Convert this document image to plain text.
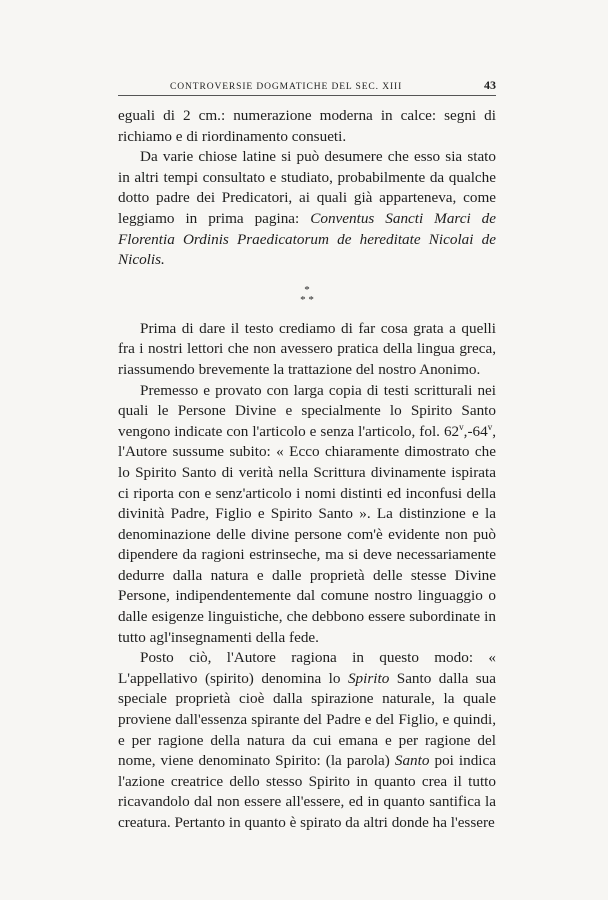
CONTROVERSIE DOGMATICHE DEL SEC. XIII	43

eguali di 2 cm.: numerazione moderna in calce: segni di richiamo e di riordinamento consueti.

Da varie chiose latine si può desumere che esso sia stato in altri tempi consultato e studiato, probabilmente da qualche dotto padre dei Predicatori, ai quali già apparteneva, come leggiamo in prima pagina: Conventus Sancti Marci de Florentia Ordinis Praedicatorum de hereditate Nicolai de Nicolis.

*
* *

Prima di dare il testo crediamo di far cosa grata a quelli fra i nostri lettori che non avessero pratica della lingua greca, riassumendo brevemente la trattazione del nostro Anonimo.

Premesso e provato con larga copia di testi scritturali nei quali le Persone Divine e specialmente lo Spirito Santo vengono indicate con l'articolo e senza l'articolo, fol. 62$^v$,-64$^v$, l'Autore sussume subito: « Ecco chiaramente dimostrato che lo Spirito Santo di verità nella Scrittura divinamente ispirata ci riporta con e senz'articolo i nomi distinti ed inconfusi della divinità Padre, Figlio e Spirito Santo ». La distinzione e la denominazione delle divine persone com'è evidente non può dipendere da ragioni estrinseche, ma si deve necessariamente dedurre dalla natura e dalle proprietà delle stesse Divine Persone, indipendentemente dal comune nostro linguaggio o dalle esigenze linguistiche, che debbono essere subordinate in tutto agl'insegnamenti della fede.

Posto ciò, l'Autore ragiona in questo modo: « L'appellativo (spirito) denomina lo Spirito Santo dalla sua speciale proprietà cioè dalla spirazione naturale, la quale proviene dall'essenza spirante del Padre e del Figlio, e quindi, e per ragione della natura da cui emana e per ragione del nome, viene denominato Spirito: (la parola) Santo poi indica l'azione creatrice dello stesso Spirito in quanto crea il tutto ricavandolo dal non essere all'essere, ed in quanto santifica la creatura. Pertanto in quanto è spirato da altri donde ha l'essere
